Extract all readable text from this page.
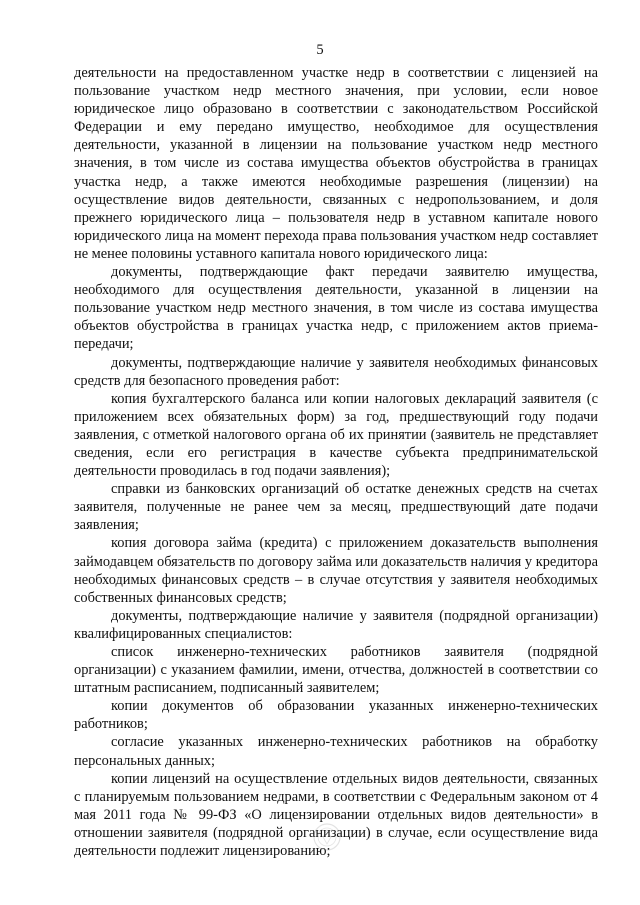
5

деятельности на предоставленном участке недр в соответствии с лицензией на пользование участком недр местного значения, при условии, если новое юридическое лицо образовано в соответствии с законодательством Российской Федерации и ему передано имущество, необходимое для осуществления деятельности, указанной в лицензии на пользование участком недр местного значения, в том числе из состава имущества объектов обустройства в границах участка недр, а также имеются необходимые разрешения (лицензии) на осуществление видов деятельности, связанных с недропользованием, и доля прежнего юридического лица – пользователя недр в уставном капитале нового юридического лица на момент перехода права пользования участком недр составляет не менее половины уставного капитала нового юридического лица:

документы, подтверждающие факт передачи заявителю имущества, необходимого для осуществления деятельности, указанной в лицензии на пользование участком недр местного значения, в том числе из состава имущества объектов обустройства в границах участка недр, с приложением актов приема-передачи;

документы, подтверждающие наличие у заявителя необходимых финансовых средств для безопасного проведения работ:

копия бухгалтерского баланса или копии налоговых деклараций заявителя (с приложением всех обязательных форм) за год, предшествующий году подачи заявления, с отметкой налогового органа об их принятии (заявитель не представляет сведения, если его регистрация в качестве субъекта предпринимательской деятельности проводилась в год подачи заявления);

справки из банковских организаций об остатке денежных средств на счетах заявителя, полученные не ранее чем за месяц, предшествующий дате подачи заявления;

копия договора займа (кредита) с приложением доказательств выполнения займодавцем обязательств по договору займа или доказательств наличия у кредитора необходимых финансовых средств – в случае отсутствия у заявителя необходимых собственных финансовых средств;

документы, подтверждающие наличие у заявителя (подрядной организации) квалифицированных специалистов:

список инженерно-технических работников заявителя (подрядной организации) с указанием фамилии, имени, отчества, должностей в соответствии со штатным расписанием, подписанный заявителем;

копии документов об образовании указанных инженерно-технических работников;

согласие указанных инженерно-технических работников на обработку персональных данных;

копии лицензий на осуществление отдельных видов деятельности, связанных с планируемым пользованием недрами, в соответствии с Федеральным законом от 4 мая 2011 года № 99-ФЗ «О лицензировании отдельных видов деятельности» в отношении заявителя (подрядной организации) в случае, если осуществление вида деятельности подлежит лицензированию;
